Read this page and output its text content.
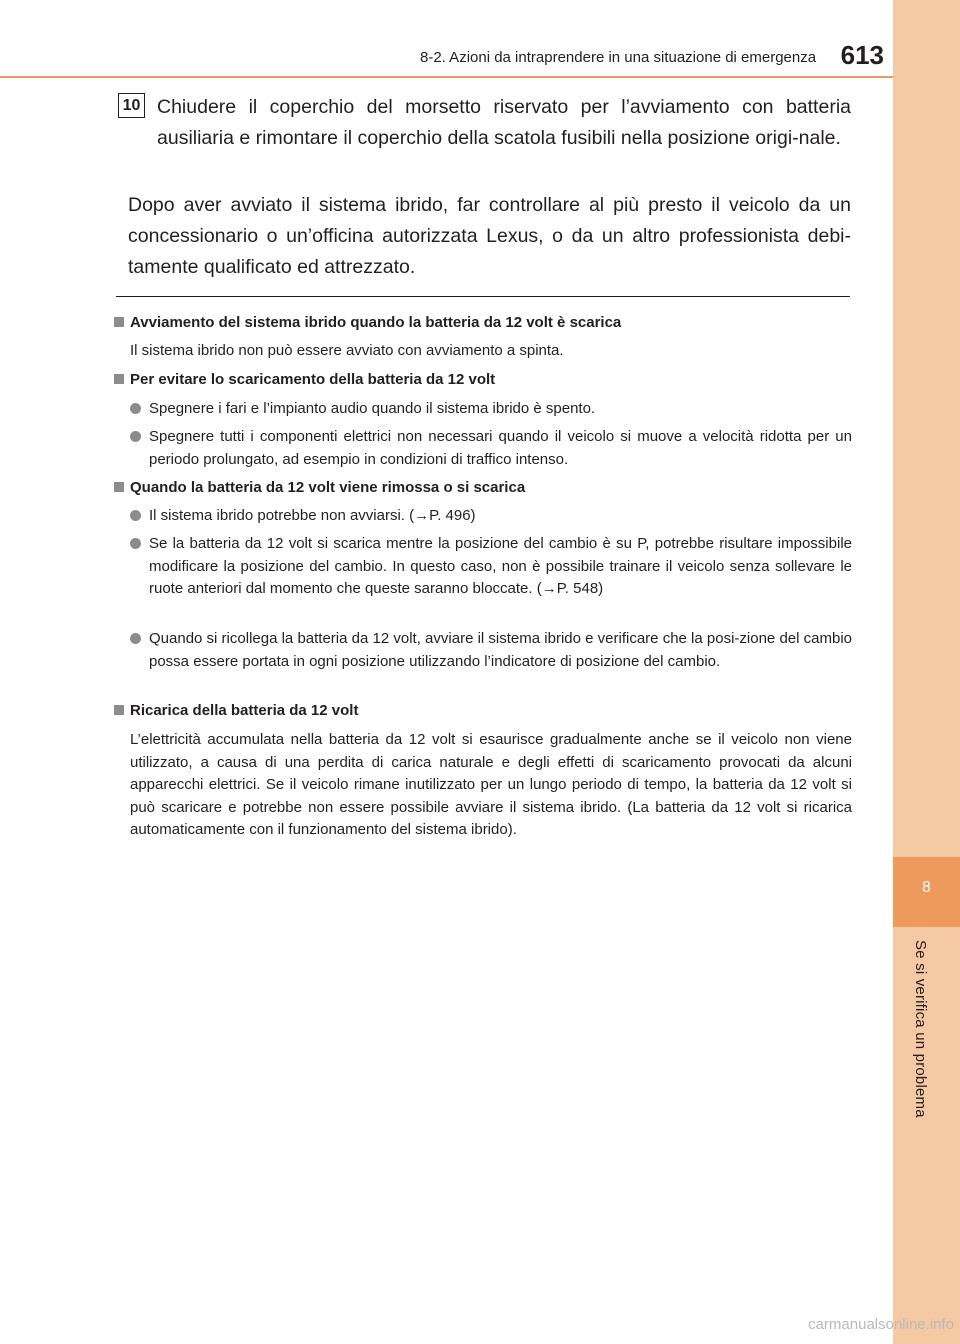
8
Se si verifica un problema
8-2. Azioni da intraprendere in una situazione di emergenza 613
10 Chiudere il coperchio del morsetto riservato per l’avviamento con batteria ausiliaria e rimontare il coperchio della scatola fusibili nella posizione origi-nale.
Dopo aver avviato il sistema ibrido, far controllare al più presto il veicolo da un concessionario o un’officina autorizzata Lexus, o da un altro professionista debi-tamente qualificato ed attrezzato.
Avviamento del sistema ibrido quando la batteria da 12 volt è scarica
Il sistema ibrido non può essere avviato con avviamento a spinta.
Per evitare lo scaricamento della batteria da 12 volt
Spegnere i fari e l’impianto audio quando il sistema ibrido è spento.
Spegnere tutti i componenti elettrici non necessari quando il veicolo si muove a velocità ridotta per un periodo prolungato, ad esempio in condizioni di traffico intenso.
Quando la batteria da 12 volt viene rimossa o si scarica
Il sistema ibrido potrebbe non avviarsi. (→P. 496)
Se la batteria da 12 volt si scarica mentre la posizione del cambio è su P, potrebbe risultare impossibile modificare la posizione del cambio. In questo caso, non è possibile trainare il veicolo senza sollevare le ruote anteriori dal momento che queste saranno bloccate. (→P. 548)
Quando si ricollega la batteria da 12 volt, avviare il sistema ibrido e verificare che la posi-zione del cambio possa essere portata in ogni posizione utilizzando l’indicatore di posizione del cambio.
Ricarica della batteria da 12 volt
L’elettricità accumulata nella batteria da 12 volt si esaurisce gradualmente anche se il veicolo non viene utilizzato, a causa di una perdita di carica naturale e degli effetti di scaricamento provocati da alcuni apparecchi elettrici. Se il veicolo rimane inutilizzato per un lungo periodo di tempo, la batteria da 12 volt si può scaricare e potrebbe non essere possibile avviare il sistema ibrido. (La batteria da 12 volt si ricarica automaticamente con il funzionamento del sistema ibrido).
carmanualsonline.info
